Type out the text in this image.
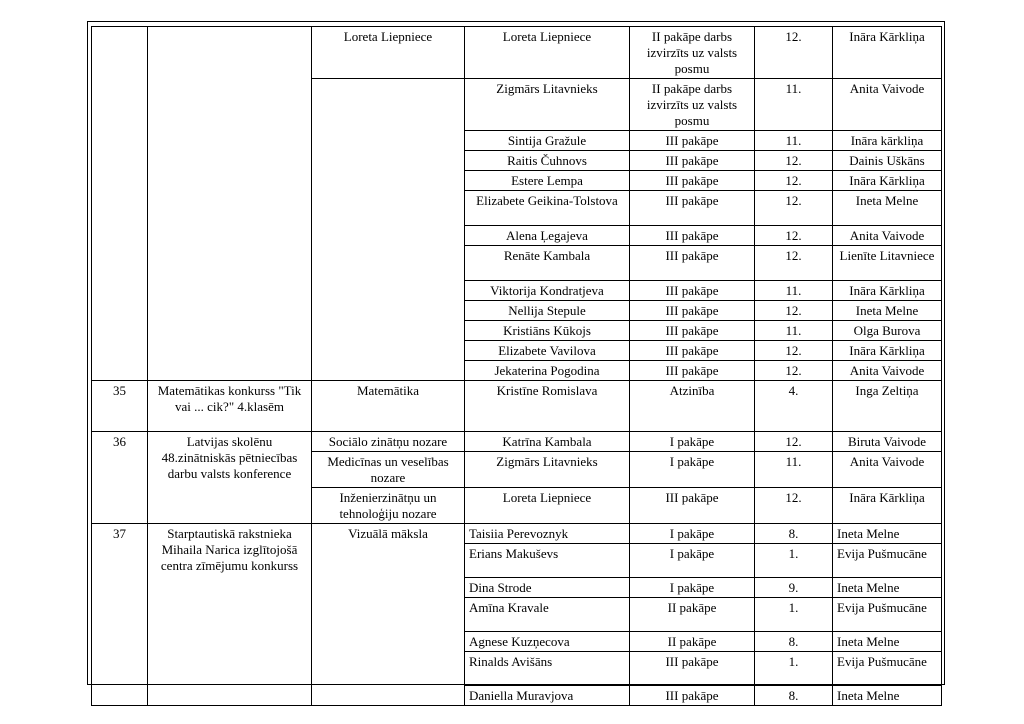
		Loreta Liepniece	Loreta Liepniece	II pakāpe darbs izvirzīts uz valsts posmu	12.	Ināra Kārkliņa
			Zigmārs Litavnieks	II pakāpe darbs izvirzīts uz valsts posmu	11.	Anita Vaivode
			Sintija Gražule	III pakāpe	11.	Ināra kārkliņa
			Raitis Čuhnovs	III pakāpe	12.	Dainis Uškāns
			Estere Lempa	III pakāpe	12.	Ināra Kārkliņa
			Elizabete Geikina-Tolstova	III pakāpe	12.	Ineta Melne
			Alena Ļegajeva	III pakāpe	12.	Anita Vaivode
			Renāte Kambala	III pakāpe	12.	Lienīte Litavniece
			Viktorija Kondratjeva	III pakāpe	11.	Ināra Kārkliņa
			Nellija Stepule	III pakāpe	12.	Ineta Melne
			Kristiāns Kūkojs	III pakāpe	11.	Olga Burova
			Elizabete Vavilova	III pakāpe	12.	Ināra Kārkliņa
			Jekaterina Pogodina	III pakāpe	12.	Anita Vaivode
35	Matemātikas konkurss "Tik vai ... cik?" 4.klasēm	Matemātika	Kristīne Romislava	Atzinība	4.	Inga Zeltiņa
36	Latvijas skolēnu 48.zinātniskās pētniecības darbu valsts konference	Sociālo zinātņu nozare	Katrīna Kambala	I pakāpe	12.	Biruta Vaivode
		Medicīnas un veselības nozare	Zigmārs Litavnieks	I pakāpe	11.	Anita Vaivode
		Inženierzinātņu un tehnoloģiju nozare	Loreta Liepniece	III pakāpe	12.	Ināra Kārkliņa
37	Starptautiskā rakstnieka Mihaila Narica izglītojošā centra zīmējumu konkurss	Vizuālā māksla	Taisiia Perevoznyk	I pakāpe	8.	Ineta Melne
			Erians Makuševs	I pakāpe	1.	Evija Pušmucāne
			Dina Strode	I pakāpe	9.	Ineta Melne
			Amīna Kravale	II pakāpe	1.	Evija Pušmucāne
			Agnese Kuzņecova	II pakāpe	8.	Ineta Melne
			Rinalds Avišāns	III pakāpe	1.	Evija Pušmucāne
			Daniella Muravjova	III pakāpe	8.	Ineta Melne
